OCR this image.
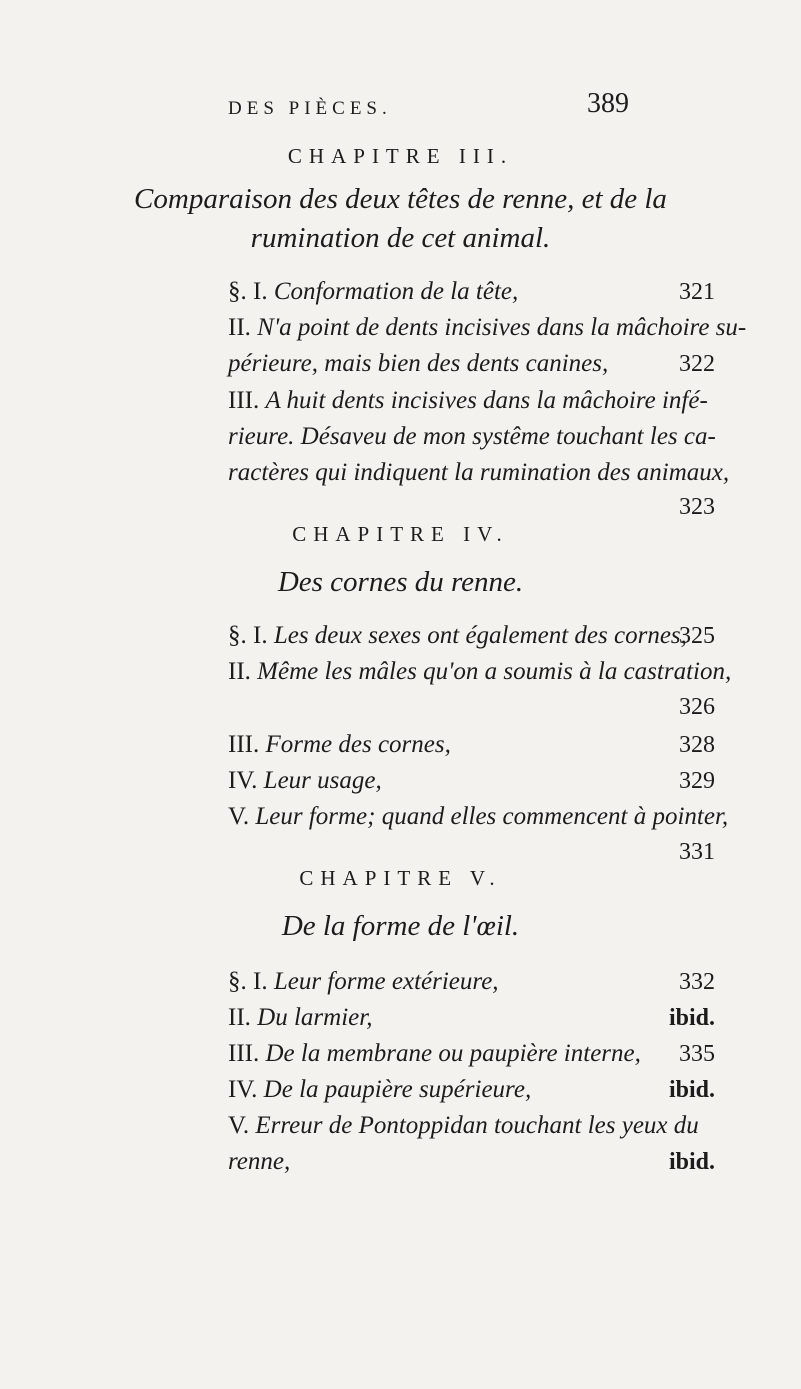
DES PIÈCES.	389
CHAPITRE III.
Comparaison des deux têtes de renne, et de la
rumination de cet animal.
§. I. Conformation de la tête,	321
II. N'a point de dents incisives dans la mâchoire su-
périeure, mais bien des dents canines,	322
III. A huit dents incisives dans la mâchoire infé-
rieure. Désaveu de mon systême touchant les ca-
ractères qui indiquent la rumination des animaux,
323
CHAPITRE IV.
Des cornes du renne.
§. I. Les deux sexes ont également des cornes,
325
II. Même les mâles qu'on a soumis à la castration,
326
III. Forme des cornes,	328
IV. Leur usage,	329
V. Leur forme; quand elles commencent à pointer,
331
CHAPITRE V.
De la forme de l'œil.
§. I. Leur forme extérieure,	332
II. Du larmier,	ibid.
III. De la membrane ou paupière interne,	335
IV. De la paupière supérieure,	ibid.
V. Erreur de Pontoppidan touchant les yeux du
renne,	ibid.
